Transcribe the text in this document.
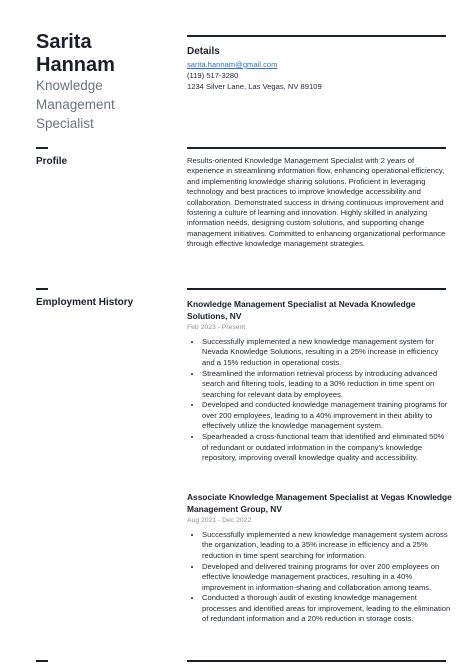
Sarita
Hannam
Knowledge
Management
Specialist
Details
sarita.hannam@gmail.com
(119) 517-3280
1234 Silver Lane, Las Vegas, NV 89109
Profile	Results-oriented Knowledge Management Specialist with 2 years of experience in streamlining information flow, enhancing operational efficiency, and implementing knowledge sharing solutions. Proficient in leveraging technology and best practices to improve knowledge accessibility and collaboration. Demonstrated success in driving continuous improvement and fostering a culture of learning and innovation. Highly skilled in analyzing information needs, designing custom solutions, and supporting change management initiatives. Committed to enhancing organizational performance through effective knowledge management strategies.
Employment History	Knowledge Management Specialist at Nevada Knowledge Solutions, NV

Feb 2023 - Present

• Successfully implemented a new knowledge management system for Nevada Knowledge Solutions, resulting in a 25% increase in efficiency and a 15% reduction in operational costs.
• Streamlined the information retrieval process by introducing advanced search and filtering tools, leading to a 30% reduction in time spent on searching for relevant data by employees.
• Developed and conducted knowledge management training programs for over 200 employees, leading to a 40% improvement in their ability to effectively utilize the knowledge management system.
• Spearheaded a cross-functional team that identified and eliminated 50% of redundant or outdated information in the company's knowledge repository, improving overall knowledge quality and accessibility.

Associate Knowledge Management Specialist at Vegas Knowledge Management Group, NV

Aug 2021 - Dec 2022

• Successfully implemented a new knowledge management system across the organization, leading to a 35% increase in efficiency and a 25% reduction in time spent searching for information.
• Developed and delivered training programs for over 200 employees on effective knowledge management practices, resulting in a 40% improvement in information-sharing and collaboration among teams.
• Conducted a thorough audit of existing knowledge management processes and identified areas for improvement, leading to the elimination of redundant information and a 20% reduction in storage costs.
